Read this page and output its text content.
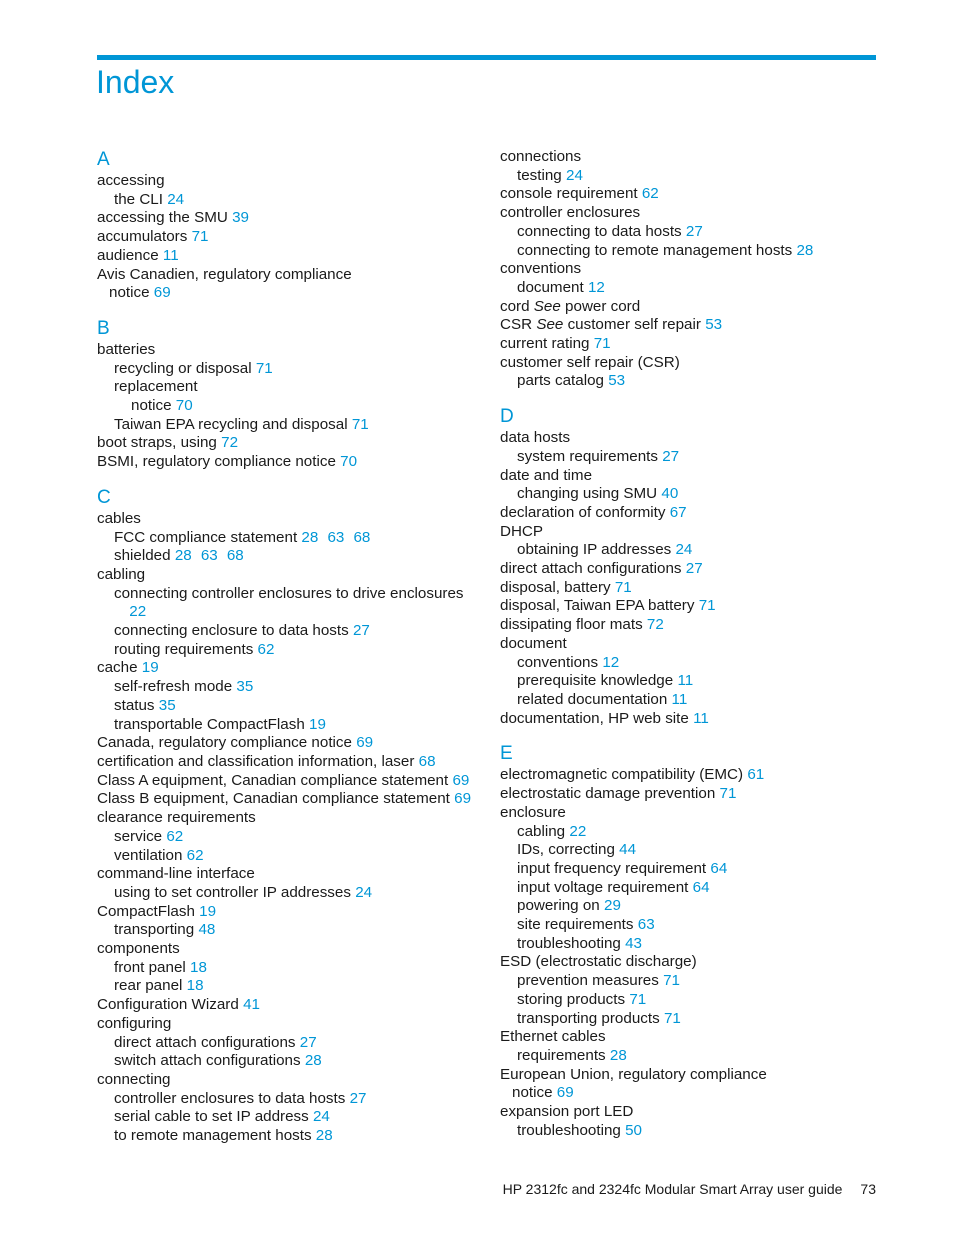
Index
A
accessing
the CLI 24
accessing the SMU 39
accumulators 71
audience 11
Avis Canadien, regulatory compliance
notice 69
B
batteries
recycling or disposal 71
replacement
notice 70
Taiwan EPA recycling and disposal 71
boot straps, using 72
BSMI, regulatory compliance notice 70
C
cables
FCC compliance statement 28 63 68
shielded 28 63 68
cabling
connecting controller enclosures to drive enclosures
22
connecting enclosure to data hosts 27
routing requirements 62
cache 19
self-refresh mode 35
status 35
transportable CompactFlash 19
Canada, regulatory compliance notice 69
certification and classification information, laser 68
Class A equipment, Canadian compliance statement 69
Class B equipment, Canadian compliance statement 69
clearance requirements
service 62
ventilation 62
command-line interface
using to set controller IP addresses 24
CompactFlash 19
transporting 48
components
front panel 18
rear panel 18
Configuration Wizard 41
configuring
direct attach configurations 27
switch attach configurations 28
connecting
controller enclosures to data hosts 27
serial cable to set IP address 24
to remote management hosts 28
connections
testing 24
console requirement 62
controller enclosures
connecting to data hosts 27
connecting to remote management hosts 28
conventions
document 12
cord See power cord
CSR See customer self repair 53
current rating 71
customer self repair (CSR)
parts catalog 53
D
data hosts
system requirements 27
date and time
changing using SMU 40
declaration of conformity 67
DHCP
obtaining IP addresses 24
direct attach configurations 27
disposal, battery 71
disposal, Taiwan EPA battery 71
dissipating floor mats 72
document
conventions 12
prerequisite knowledge 11
related documentation 11
documentation, HP web site 11
E
electromagnetic compatibility (EMC) 61
electrostatic damage prevention 71
enclosure
cabling 22
IDs, correcting 44
input frequency requirement 64
input voltage requirement 64
powering on 29
site requirements 63
troubleshooting 43
ESD (electrostatic discharge)
prevention measures 71
storing products 71
transporting products 71
Ethernet cables
requirements 28
European Union, regulatory compliance
notice 69
expansion port LED
troubleshooting 50
HP 2312fc and 2324fc Modular Smart Array user guide 73
